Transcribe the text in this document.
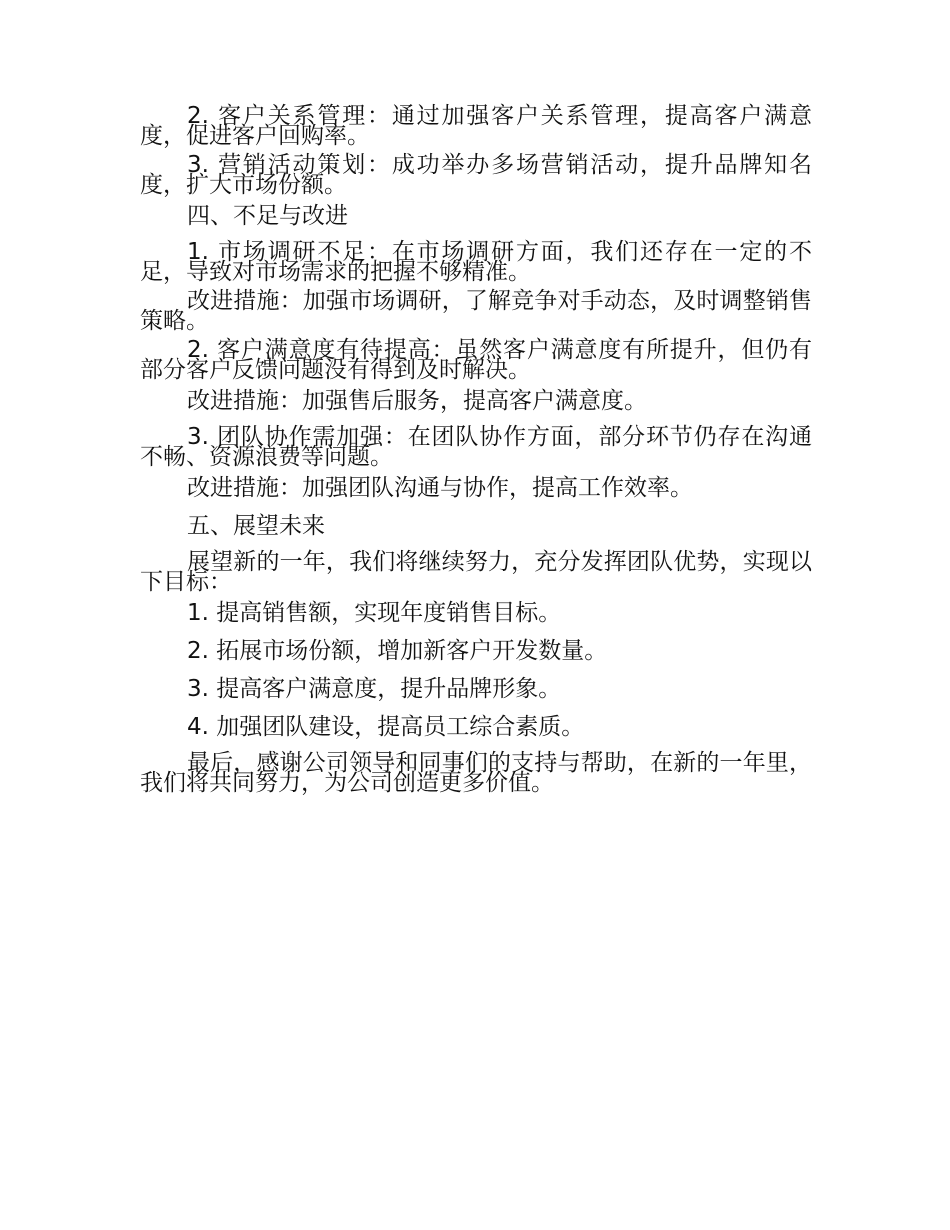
2. 客户关系管理：通过加强客户关系管理，提高客户满意度，促进客户回购率。

3. 营销活动策划：成功举办多场营销活动，提升品牌知名度，扩大市场份额。

四、不足与改进

1. 市场调研不足：在市场调研方面，我们还存在一定的不足，导致对市场需求的把握不够精准。

改进措施：加强市场调研，了解竞争对手动态，及时调整销售策略。

2. 客户满意度有待提高：虽然客户满意度有所提升，但仍有部分客户反馈问题没有得到及时解决。

改进措施：加强售后服务，提高客户满意度。

3. 团队协作需加强：在团队协作方面，部分环节仍存在沟通不畅、资源浪费等问题。

改进措施：加强团队沟通与协作，提高工作效率。

五、展望未来

展望新的一年，我们将继续努力，充分发挥团队优势，实现以下目标：

1. 提高销售额，实现年度销售目标。

2. 拓展市场份额，增加新客户开发数量。

3. 提高客户满意度，提升品牌形象。

4. 加强团队建设，提高员工综合素质。

最后，感谢公司领导和同事们的支持与帮助，在新的一年里，我们将共同努力，为公司创造更多价值。
